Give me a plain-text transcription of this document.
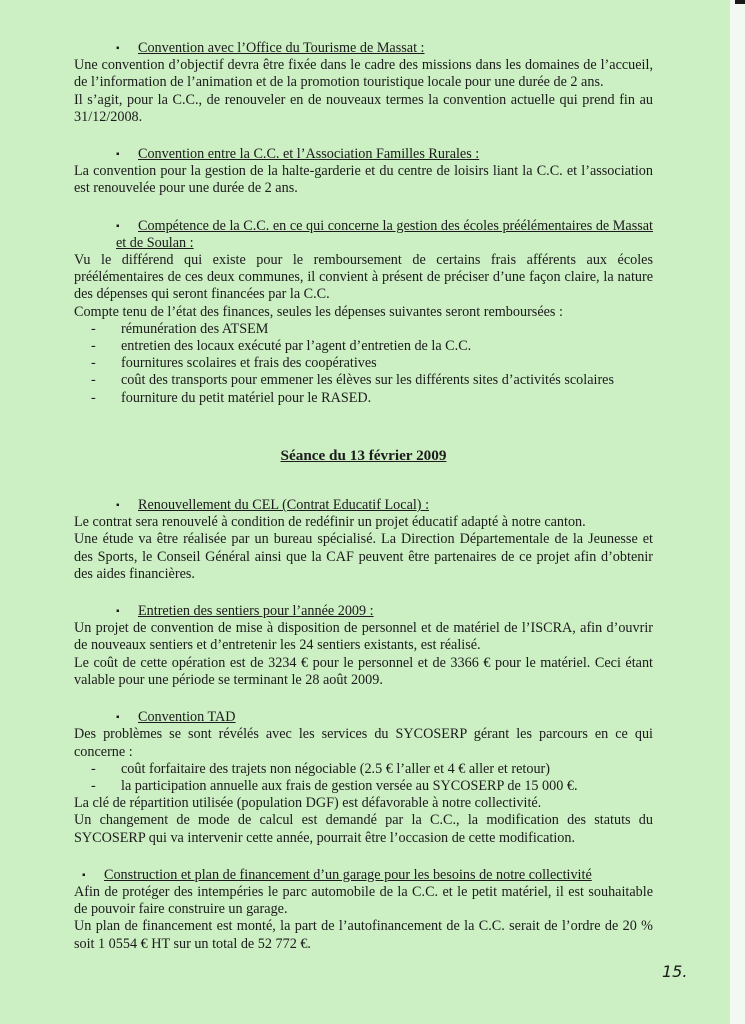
▪ Convention avec l’Office du Tourisme de Massat :

Une convention d’objectif devra être fixée dans le cadre des missions dans les domaines de l’accueil, de l’information de l’animation et de la promotion touristique locale pour une durée de 2 ans.

Il s’agit, pour la C.C., de renouveler en de nouveaux termes la convention actuelle qui prend fin au 31/12/2008.

▪ Convention entre la C.C. et l’Association Familles Rurales :

La convention pour la gestion de la halte-garderie et du centre de loisirs liant la C.C. et l’association est renouvelée pour une durée de 2 ans.

▪ Compétence de la C.C. en ce qui concerne la gestion des écoles préélémentaires de Massat et de Soulan :

Vu le différend qui existe pour le remboursement de certains frais afférents aux écoles préélémentaires de ces deux communes, il convient à présent de préciser d’une façon claire, la nature des dépenses qui seront financées par la C.C.

Compte tenu de l’état des finances, seules les dépenses suivantes seront remboursées :

- rémunération des ATSEM
- entretien des locaux exécuté par l’agent d’entretien de la C.C.
- fournitures scolaires et frais des coopératives
- coût des transports pour emmener les élèves sur les différents sites d’activités scolaires
- fourniture du petit matériel pour le RASED.

Séance du 13 février 2009

▪ Renouvellement du CEL (Contrat Educatif Local) :

Le contrat sera renouvelé à condition de redéfinir un projet éducatif adapté à notre canton.

Une étude va être réalisée par un bureau spécialisé. La Direction Départementale de la Jeunesse et des Sports, le Conseil Général ainsi que la CAF peuvent être partenaires de ce projet afin d’obtenir des aides financières.

▪ Entretien des sentiers pour l’année 2009 :

Un projet de convention de mise à disposition de personnel et de matériel de l’ISCRA, afin d’ouvrir de nouveaux sentiers et d’entretenir les 24 sentiers existants, est réalisé.

Le coût de cette opération est de 3234 € pour le personnel et de 3366 € pour le matériel. Ceci étant valable pour une période se terminant le 28 août 2009.

▪ Convention TAD

Des problèmes se sont révélés avec les services du SYCOSERP gérant les parcours en ce qui concerne :

- coût forfaitaire des trajets non négociable (2.5 € l’aller et 4 € aller et retour)
- la participation annuelle aux frais de gestion versée au SYCOSERP de 15 000 €.

La clé de répartition utilisée (population DGF) est défavorable à notre collectivité.

Un changement de mode de calcul est demandé par la C.C., la modification des statuts du SYCOSERP qui va intervenir cette année, pourrait être l’occasion de cette modification.

▪ Construction et plan de financement d’un garage pour les besoins de notre collectivité

Afin de protéger des intempéries le parc automobile de la C.C. et le petit matériel, il est souhaitable de pouvoir faire construire un garage.

Un plan de financement est monté, la part de l’autofinancement de la C.C. serait de l’ordre de 20 % soit 1 0554 € HT sur un total de 52 772 €.

15.
